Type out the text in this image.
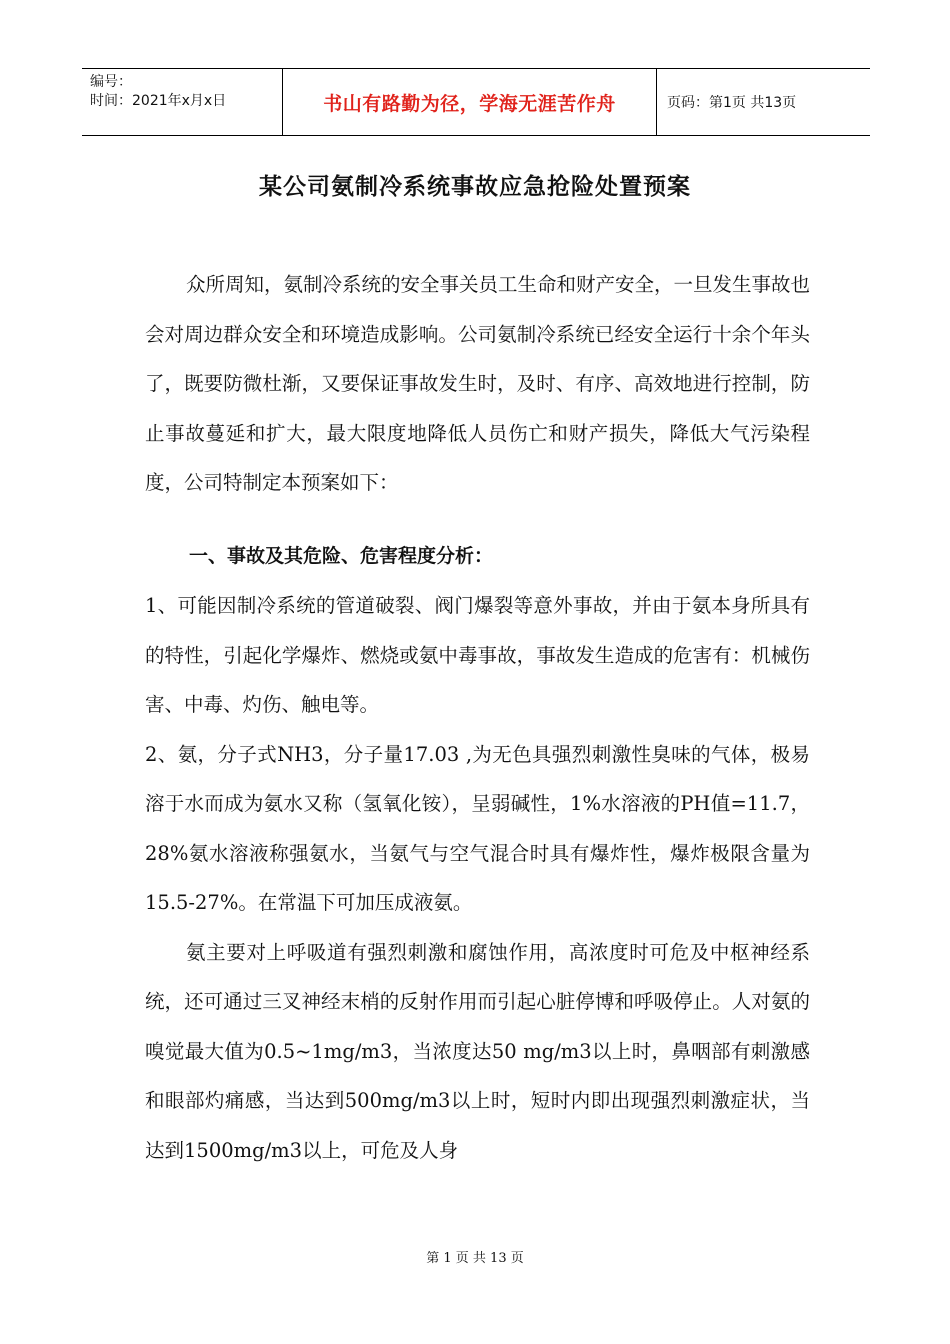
编号：
时间：2021年x月x日	书山有路勤为径，学海无涯苦作舟	页码：第1页 共13页
某公司氨制冷系统事故应急抢险处置预案

众所周知，氨制冷系统的安全事关员工生命和财产安全，一旦发生事故也会对周边群众安全和环境造成影响。公司氨制冷系统已经安全运行十余个年头了，既要防微杜渐，又要保证事故发生时，及时、有序、高效地进行控制，防止事故蔓延和扩大，最大限度地降低人员伤亡和财产损失，降低大气污染程度，公司特制定本预案如下：

一、事故及其危险、危害程度分析：

1、可能因制冷系统的管道破裂、阀门爆裂等意外事故，并由于氨本身所具有的特性，引起化学爆炸、燃烧或氨中毒事故，事故发生造成的危害有：机械伤害、中毒、灼伤、触电等。

2、氨，分子式NH3，分子量17.03 ,为无色具强烈刺激性臭味的气体，极易溶于水而成为氨水又称（氢氧化铵），呈弱碱性，1%水溶液的PH值=11.7，28%氨水溶液称强氨水，当氨气与空气混合时具有爆炸性，爆炸极限含量为15.5-27%。在常温下可加压成液氨。

氨主要对上呼吸道有强烈刺激和腐蚀作用，高浓度时可危及中枢神经系统，还可通过三叉神经末梢的反射作用而引起心脏停博和呼吸停止。人对氨的嗅觉最大值为0.5~1mg/m3，当浓度达50 mg/m3以上时，鼻咽部有刺激感和眼部灼痛感，当达到500mg/m3以上时，短时内即出现强烈刺激症状，当达到1500mg/m3以上，可危及人身

第 1 页 共 13 页
